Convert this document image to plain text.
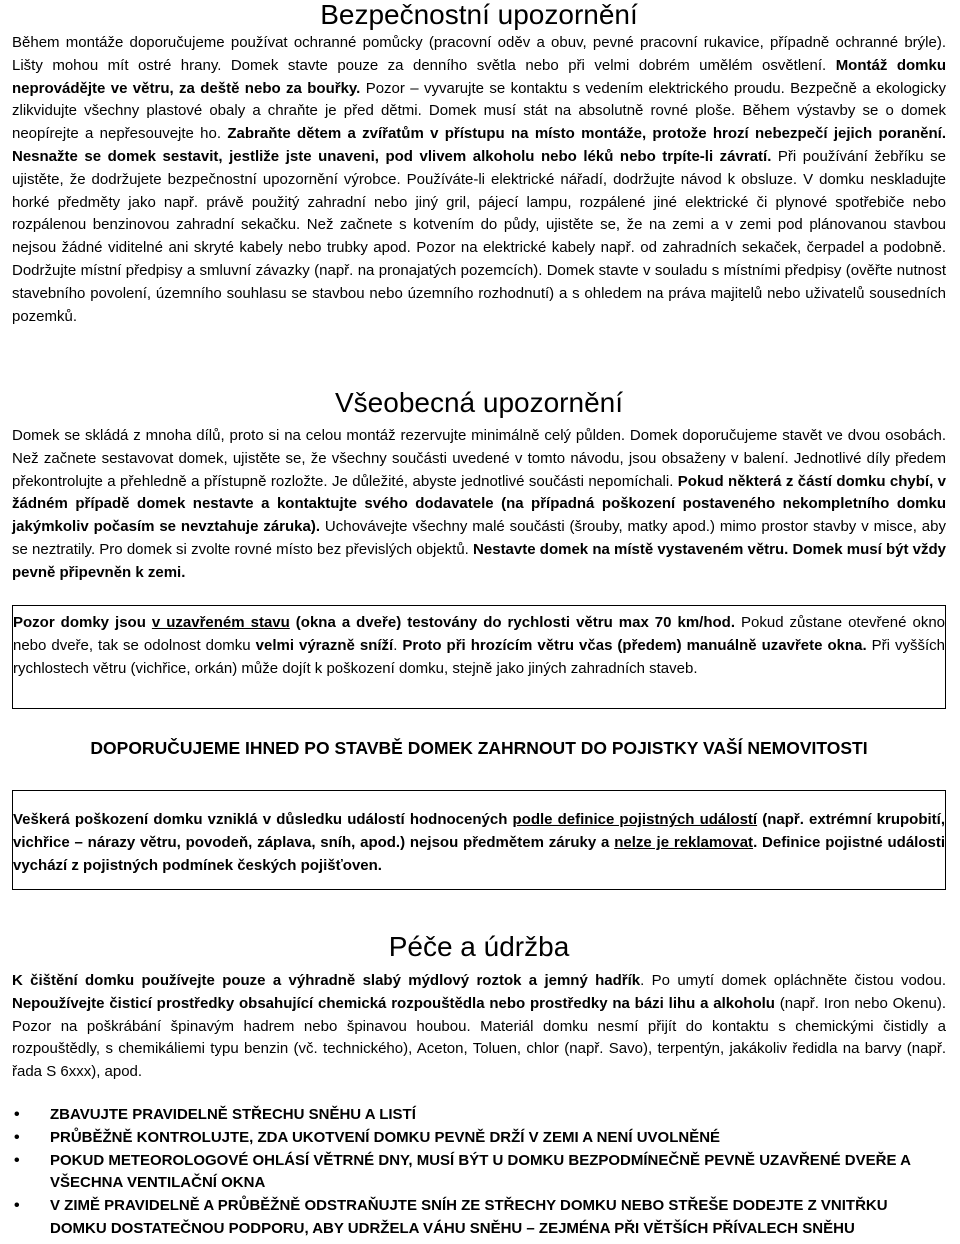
Bezpečnostní upozornění

Během montáže doporučujeme používat ochranné pomůcky (pracovní oděv a obuv, pevné pracovní rukavice, případně ochranné brýle). Lišty mohou mít ostré hrany. Domek stavte pouze za denního světla nebo při velmi dobrém umělém osvětlení. Montáž domku neprovádějte ve větru, za deště nebo za bouřky. Pozor – vyvarujte se kontaktu s vedením elektrického proudu. Bezpečně a ekologicky zlikvidujte všechny plastové obaly a chraňte je před dětmi. Domek musí stát na absolutně rovné ploše. Během výstavby se o domek neopírejte a nepřesouvejte ho. Zabraňte dětem a zvířatům v přístupu na místo montáže, protože hrozí nebezpečí jejich poranění. Nesnažte se domek sestavit, jestliže jste unaveni, pod vlivem alkoholu nebo léků nebo trpíte-li závratí. Při používání žebříku se ujistěte, že dodržujete bezpečnostní upozornění výrobce. Používáte-li elektrické nářadí, dodržujte návod k obsluze. V domku neskladujte horké předměty jako např. právě použitý zahradní nebo jiný gril, pájecí lampu, rozpálené jiné elektrické či plynové spotřebiče nebo rozpálenou benzinovou zahradní sekačku. Než začnete s kotvením do půdy, ujistěte se, že na zemi a v zemi pod plánovanou stavbou nejsou žádné viditelné ani skryté kabely nebo trubky apod. Pozor na elektrické kabely např. od zahradních sekaček, čerpadel a podobně. Dodržujte místní předpisy a smluvní závazky (např. na pronajatých pozemcích). Domek stavte v souladu s místními předpisy (ověřte nutnost stavebního povolení, územního souhlasu se stavbou nebo územního rozhodnutí) a s ohledem na práva majitelů nebo uživatelů sousedních pozemků.

Všeobecná upozornění

Domek se skládá z mnoha dílů, proto si na celou montáž rezervujte minimálně celý půlden. Domek doporučujeme stavět ve dvou osobách. Než začnete sestavovat domek, ujistěte se, že všechny součásti uvedené v tomto návodu, jsou obsaženy v balení. Jednotlivé díly předem překontrolujte a přehledně a přístupně rozložte. Je důležité, abyste jednotlivé součásti nepomíchali. Pokud některá z částí domku chybí, v žádném případě domek nestavte a kontaktujte svého dodavatele (na případná poškození postaveného nekompletního domku jakýmkoliv počasím se nevztahuje záruka). Uchovávejte všechny malé součásti (šrouby, matky apod.) mimo prostor stavby v misce, aby se neztratily. Pro domek si zvolte rovné místo bez převislých objektů. Nestavte domek na místě vystaveném větru. Domek musí být vždy pevně připevněn k zemi.

Pozor domky jsou v uzavřeném stavu (okna a dveře) testovány do rychlosti větru max 70 km/hod. Pokud zůstane otevřené okno nebo dveře, tak se odolnost domku velmi výrazně sníží. Proto při hrozícím větru včas (předem) manuálně uzavřete okna. Při vyšších rychlostech větru (vichřice, orkán) může dojít k poškození domku, stejně jako jiných zahradních staveb.

DOPORUČUJEME IHNED PO STAVBĚ DOMEK ZAHRNOUT DO POJISTKY VAŠÍ NEMOVITOSTI

Veškerá poškození domku vzniklá v důsledku událostí hodnocených podle definice pojistných událostí (např. extrémní krupobití, vichřice – nárazy větru, povodeň, záplava, sníh, apod.) nejsou předmětem záruky a nelze je reklamovat. Definice pojistné události vychází z pojistných podmínek českých pojišťoven.

Péče a údržba

K čištění domku používejte pouze a výhradně slabý mýdlový roztok a jemný hadřík. Po umytí domek opláchněte čistou vodou. Nepoužívejte čisticí prostředky obsahující chemická rozpouštědla nebo prostředky na bázi lihu a alkoholu (např. Iron nebo Okenu). Pozor na poškrábání špinavým hadrem nebo špinavou houbou. Materiál domku nesmí přijít do kontaktu s chemickými čistidly a rozpouštědly, s chemikáliemi typu benzin (vč. technického), Aceton, Toluen, chlor (např. Savo), terpentýn, jakákoliv ředidla na barvy (např. řada S 6xxx), apod.

• ZBAVUJTE PRAVIDELNĚ STŘECHU SNĚHU A LISTÍ
• PRŮBĚŽNĚ KONTROLUJTE, ZDA UKOTVENÍ DOMKU PEVNĚ DRŽÍ V ZEMI A NENÍ UVOLNĚNÉ
• POKUD METEOROLOGOVÉ OHLÁSÍ VĚTRNÉ DNY, MUSÍ BÝT U DOMKU BEZPODMÍNEČNĚ PEVNĚ UZAVŘENÉ DVEŘE A VŠECHNA VENTILAČNÍ OKNA
• V ZIMĚ PRAVIDELNĚ A PRŮBĚŽNĚ ODSTRAŇUJTE SNÍH ZE STŘECHY DOMKU NEBO STŘEŠE DODEJTE Z VNITŘKU DOMKU DOSTATEČNOU PODPORU, ABY UDRŽELA VÁHU SNĚHU – ZEJMÉNA PŘI VĚTŠÍCH PŘÍVALECH SNĚHU
